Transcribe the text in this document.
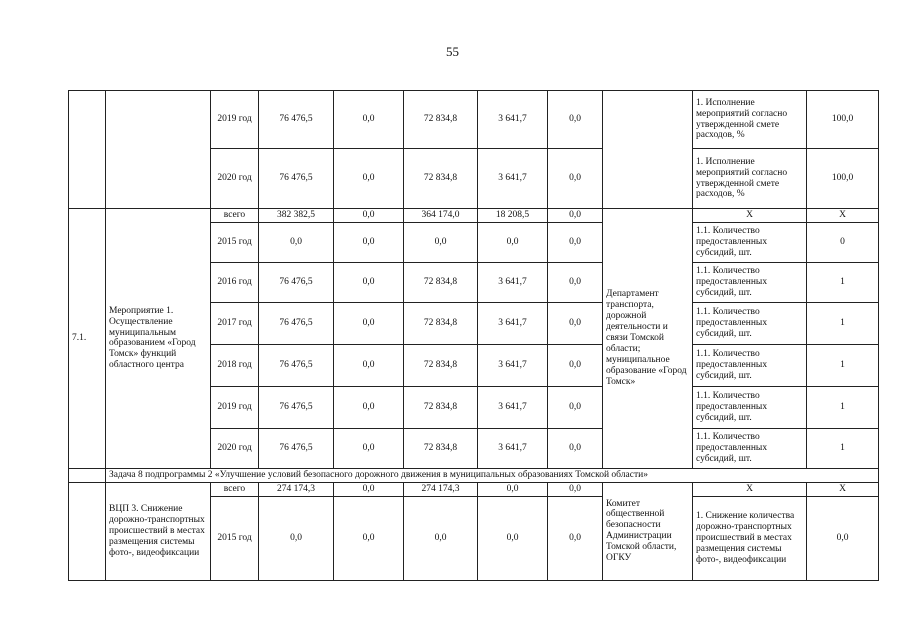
55
		2019 год	76 476,5	0,0	72 834,8	3 641,7	0,0		1. Исполнение мероприятий согласно утвержденной смете расходов, %	100,0
		2020 год	76 476,5	0,0	72 834,8	3 641,7	0,0		1. Исполнение мероприятий согласно утвержденной смете расходов, %	100,0
7.1.	Мероприятие 1. Осуществление муниципальным образованием «Город Томск» функций областного центра	всего	382 382,5	0,0	364 174,0	18 208,5	0,0	Департамент транспорта, дорожной деятельности и связи Томской области; муниципальное образование «Город Томск»	X	X
		2015 год	0,0	0,0	0,0	0,0	0,0		1.1. Количество предоставленных субсидий, шт.	0
		2016 год	76 476,5	0,0	72 834,8	3 641,7	0,0		1.1. Количество предоставленных субсидий, шт.	1
		2017 год	76 476,5	0,0	72 834,8	3 641,7	0,0		1.1. Количество предоставленных субсидий, шт.	1
		2018 год	76 476,5	0,0	72 834,8	3 641,7	0,0		1.1. Количество предоставленных субсидий, шт.	1
		2019 год	76 476,5	0,0	72 834,8	3 641,7	0,0		1.1. Количество предоставленных субсидий, шт.	1
		2020 год	76 476,5	0,0	72 834,8	3 641,7	0,0		1.1. Количество предоставленных субсидий, шт.	1
	Задача 8 подпрограммы 2 «Улучшение условий безопасного дорожного движения в муниципальных образованиях Томской области»									
	ВЦП 3. Снижение дорожно-транспортных происшествий в местах размещения системы фото-, видеофиксации	всего	274 174,3	0,0	274 174,3	0,0	0,0	Комитет общественной безопасности Администрации Томской области, ОГКУ	X	X
		2015 год	0,0	0,0	0,0	0,0	0,0		1. Снижение количества дорожно-транспортных происшествий в местах размещения системы фото-, видеофиксации	0,0
